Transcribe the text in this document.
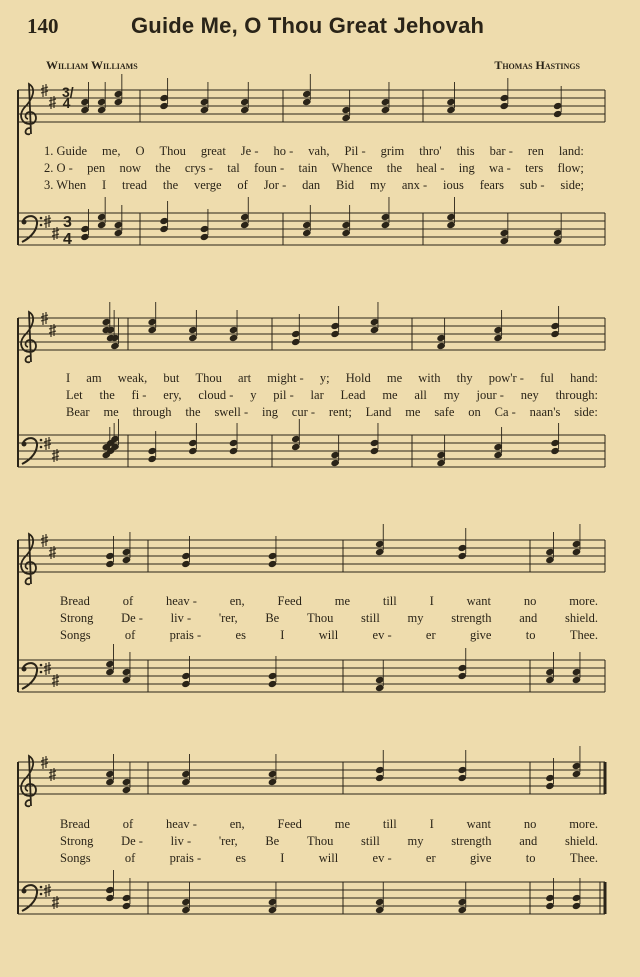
140	Guide Me, O Thou Great Jehovah
William Williams	Thomas Hastings
3
4
3/4
1. Guide me, O Thou great Je - ho - vah, Pil - grim thro' this bar - ren land:
2. O - pen now the crys - tal foun - tain Whence the heal - ing wa - ters flow;
3. When I tread the verge of Jor - dan Bid my anx - ious fears sub - side;
I am weak, but Thou art might - y; Hold me with thy pow'r - ful hand:
Let the fi - ery, cloud - y pil - lar Lead me all my jour - ney through:
Bear me through the swell - ing cur - rent; Land me safe on Ca - naan's side:
Bread	of	heav -	en,	Feed	me	till	I	want	no	more.
Strong De - liv - 'rer, Be Thou still my strength and shield.
Songs	of	prais -	es	I	will	ev -	er	give	to	Thee.
Bread	of	heav -	en,	Feed	me	till	I	want	no	more.
Strong De - liv - 'rer, Be Thou still my strength and shield.
Songs	of	prais -	es	I	will	ev -	er	give	to	Thee.
